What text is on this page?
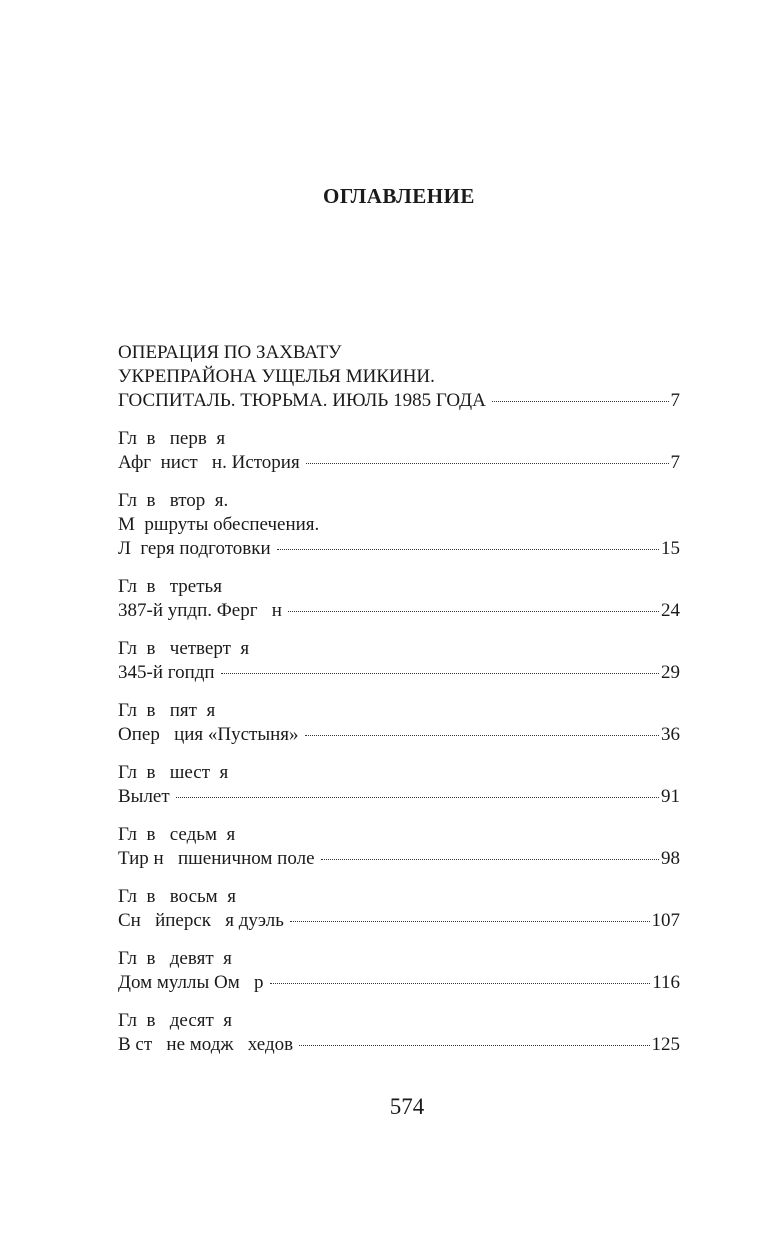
ОГЛАВЛЕНИЕ
ОПЕРАЦИЯ ПО ЗАХВАТУ
УКРЕПРАЙОНА УЩЕЛЬЯ МИКИНИ.
ГОСПИТАЛЬ. ТЮРЬМА. ИЮЛЬ 1985 ГОДА	7
Гл  в   перв  я
Афг  нист   н. История	7
Гл  в   втор  я.
М  ршруты обеспечения.
Л  геря подготовки	15
Гл  в   третья
387-й упдп. Ферг   н	24
Гл  в   четверт  я
345-й гопдп	29
Гл  в   пят  я
Опер   ция «Пустыня»	36
Гл  в   шест  я
Вылет	91
Гл  в   седьм  я
Тир н   пшеничном поле	98
Гл  в   восьм  я
Сн   йперск   я дуэль	107
Гл  в   девят  я
Дом муллы Ом   р	116
Гл  в   десят  я
В ст   не модж   хедов	125
574
